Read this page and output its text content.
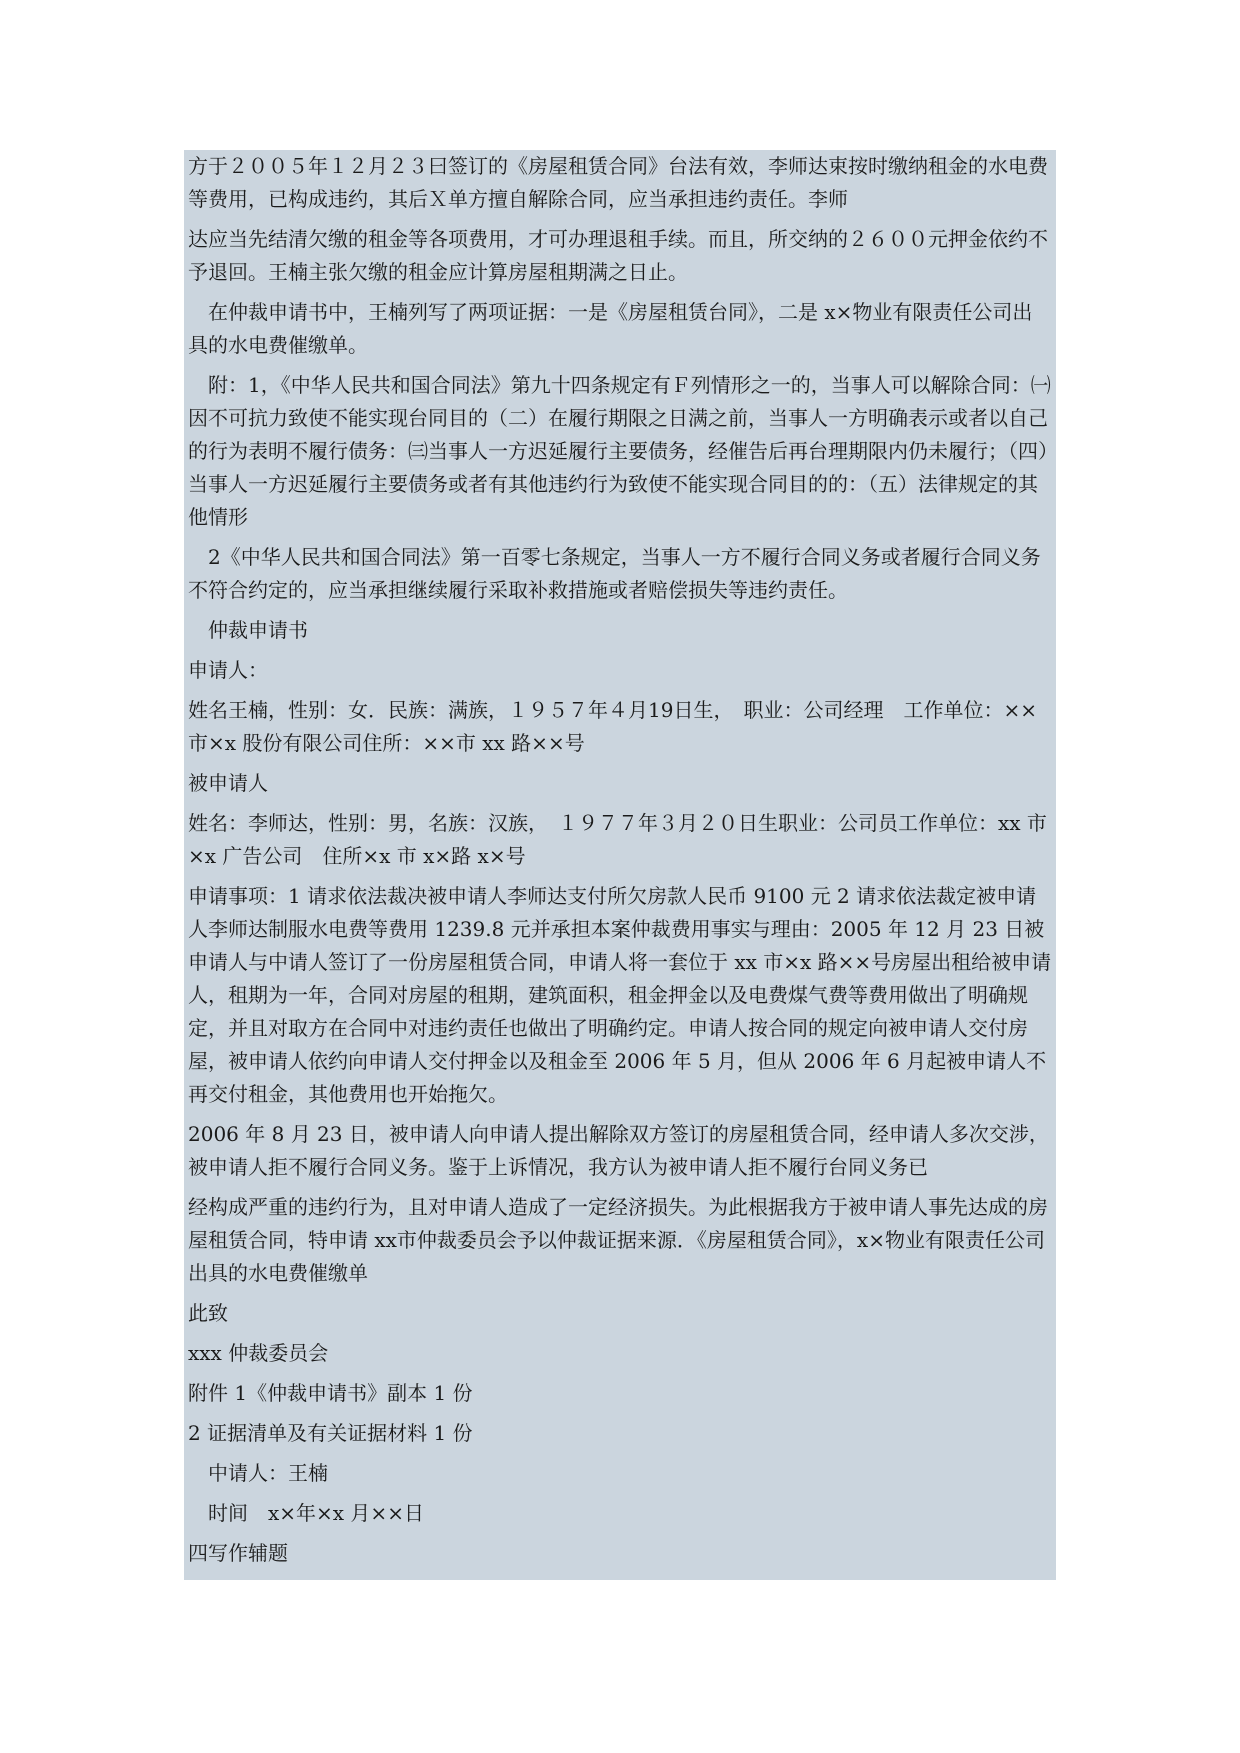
方于２００５年１２月２３曰签订的《房屋租赁合同》台法有效，李师达束按时缴纳租金的水电费等费用，已构成违约，其后Ｘ单方擅自解除合同，应当承担违约责任。李师

达应当先结清欠缴的租金等各项费用，才可办理退租手续。而且，所交纳的２６００元押金依约不予退回。王楠主张欠缴的租金应计算房屋租期满之日止。

　在仲裁申请书中，王楠列写了两项证据：一是《房屋租赁台同》，二是 x×物业有限责任公司出具的水电费催缴单。

　附：1，《中华人民共和国合同法》第九十四条规定有Ｆ列情形之一的，当事人可以解除合同：㈠因不可抗力致使不能实现台同目的（二）在履行期限之日满之前，当事人一方明确表示或者以自己的行为表明不履行债务：㈢当事人一方迟延履行主要债务，经催告后再台理期限内仍未履行；（四）当事人一方迟延履行主要债务或者有其他违约行为致使不能实现合同目的的：（五）法律规定的其他情形

　2《中华人民共和国合同法》第一百零七条规定，当事人一方不履行合同义务或者履行合同义务不符合约定的，应当承担继续履行采取补救措施或者赔偿损失等违约责任。

　仲裁申请书

申请人：

姓名王楠，性别：女．民族：满族，１９５７年４月19日生，　职业：公司经理　工作单位：××市×x 股份有限公司住所：××市 xx 路××号

被申请人

姓名：李师达，性别：男，名族：汉族，　１９７７年３月２０日生职业：公司员工作单位：xx 市×x 广告公司　住所×x 市 x×路 x×号

申请事项：1 请求依法裁决被申请人李师达支付所欠房款人民币 9100 元 2 请求依法裁定被申请人李师达制服水电费等费用 1239.8 元并承担本案仲裁费用事实与理由：2005 年 12 月 23 日被申请人与中请人签订了一份房屋租赁合同，申请人将一套位于 xx 市×x 路××号房屋出租给被申请人，租期为一年，合同对房屋的租期，建筑面积，租金押金以及电费煤气费等费用做出了明确规定，并且对取方在合同中对违约责任也做出了明确约定。申请人按合同的规定向被申请人交付房屋，被申请人依约向申请人交付押金以及租金至 2006 年 5 月，但从 2006 年 6 月起被申请人不再交付租金，其他费用也开始拖欠。

2006 年 8 月 23 日，被申请人向申请人提出解除双方签订的房屋租赁合同，经申请人多次交涉，被申请人拒不履行合同义务。鉴于上诉情况，我方认为被申请人拒不履行台同义务已

经构成严重的违约行为，且对申请人造成了一定经济损失。为此根据我方于被申请人事先达成的房屋租赁合同，特申请 xx市仲裁委员会予以仲裁证据来源．《房屋租赁合同》，x×物业有限责任公司出具的水电费催缴单

此致

xxx 仲裁委员会

附件 1《仲裁申请书》副本 1 份

2 证据清单及有关证据材料 1 份

　中请人：王楠

　时间　x×年×x 月××日

四写作辅题
